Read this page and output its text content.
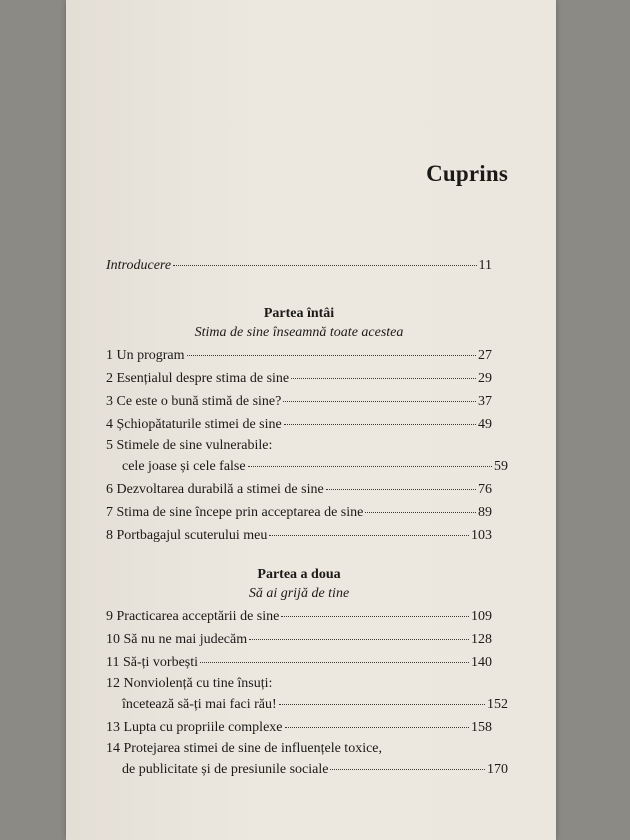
Cuprins
Introducere	11
Partea întâi
Stima de sine înseamnă toate acestea
1 Un program	27
2 Esențialul despre stima de sine	29
3 Ce este o bună stimă de sine?	37
4 Șchiopătaturile stimei de sine	49
5 Stimele de sine vulnerabile:
cele joase și cele false	59
6 Dezvoltarea durabilă a stimei de sine	76
7 Stima de sine începe prin acceptarea de sine	89
8 Portbagajul scuterului meu	103
Partea a doua
Să ai grijă de tine
9 Practicarea acceptării de sine	109
10 Să nu ne mai judecăm	128
11 Să-ți vorbești	140
12 Nonviolență cu tine însuți:
încetează să-ți mai faci rău!	152
13 Lupta cu propriile complexe	158
14 Protejarea stimei de sine de influențele toxice,
de publicitate și de presiunile sociale	170
